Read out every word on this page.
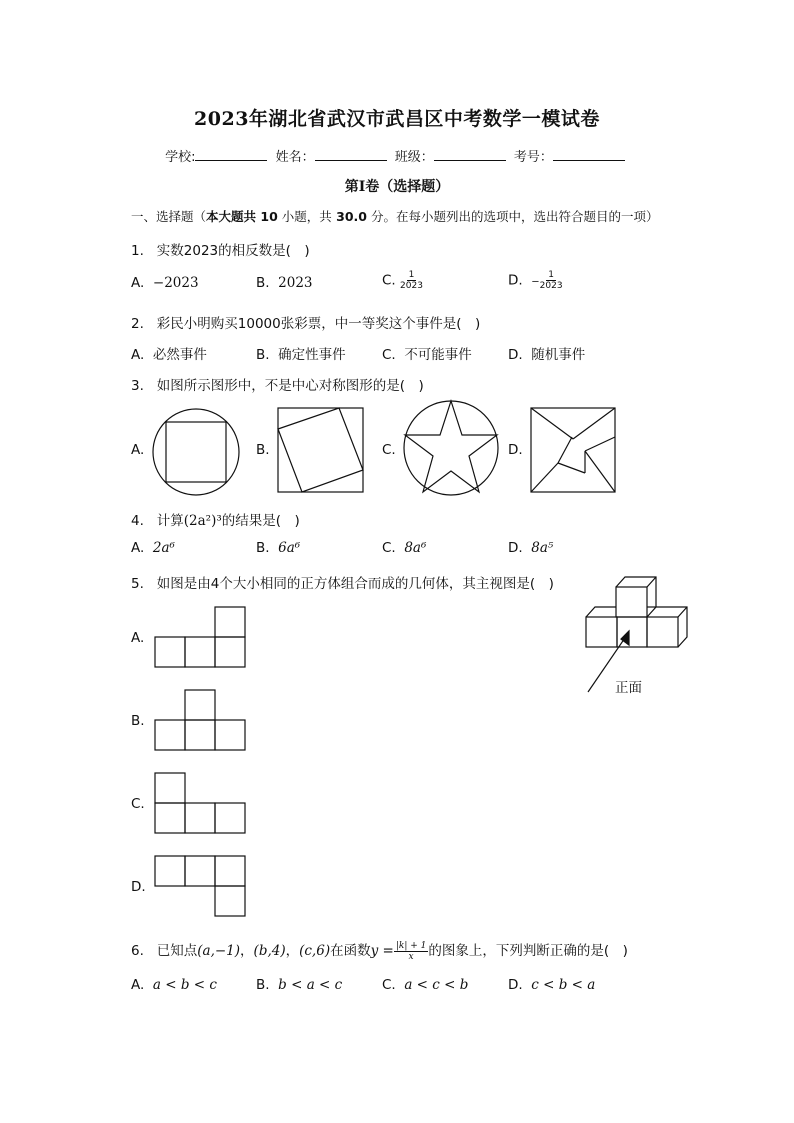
2023年湖北省武汉市武昌区中考数学一模试卷
学校:	姓名：	班级：	考号：
第I卷（选择题）
一、选择题（本大题共 10 小题，共 30.0 分。在每小题列出的选项中，选出符合题目的一项）
1. 实数2023的相反数是(　)
A. −2023	B. 2023	C. $\frac{1}{2023}$	D. − $\frac{1}{2023}$
2. 彩民小明购买10000张彩票，中一等奖这个事件是(　)
A. 必然事件	B. 确定性事件	C. 不可能事件	D. 随机事件
3. 如图所示图形中，不是中心对称图形的是(　)
A.	B.	C.	D.
4. 计算(2a²)³的结果是(　)
A. 2a⁶	B. 6a⁶	C. 8a⁶	D. 8a⁵
5. 如图是由4个大小相同的正方体组合而成的几何体，其主视图是(　)
正面
A.
B.
C.
D.
6. 已知点(a,−1)，(b,4)，(c,6)在函数$y = \frac{|k| + 1}{x}$ 的图象上，下列判断正确的是(　)
A. a < b < c	B. b < a < c	C. a < c < b	D. c < b < a
